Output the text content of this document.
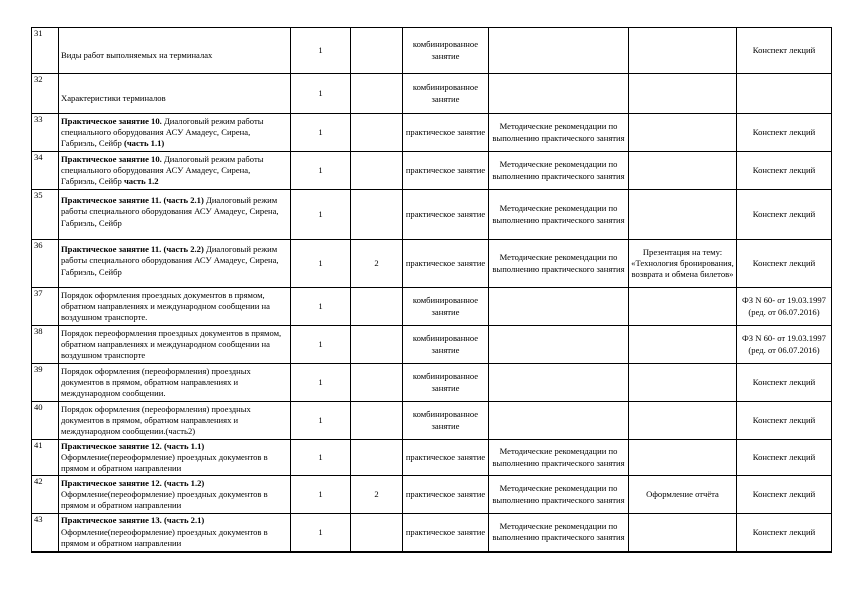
31	Виды работ выполняемых на терминалах	1		комбинированное занятие			Конспект лекций
32	Характеристики терминалов	1		комбинированное занятие			
33	Практическое занятие 10. Диалоговый режим работы специального оборудования АСУ Амадеус, Сирена, Габриэль, Сейбр (часть 1.1)	1		практическое занятие	Методические рекомендации по выполнению практического занятия		Конспект лекций
34	Практическое занятие 10. Диалоговый режим работы специального оборудования АСУ Амадеус, Сирена, Габриэль, Сейбр часть 1.2	1		практическое занятие	Методические рекомендации по выполнению практического занятия		Конспект лекций
35	Практическое занятие 11. (часть 2.1) Диалоговый режим работы специального оборудования АСУ Амадеус, Сирена, Габриэль, Сейбр	1		практическое занятие	Методические рекомендации по выполнению практического занятия		Конспект лекций
36	Практическое занятие 11. (часть 2.2) Диалоговый режим работы специального оборудования АСУ Амадеус, Сирена, Габриэль, Сейбр	1	2	практическое занятие	Методические рекомендации по выполнению практического занятия	Презентация на тему: «Технология бронирования, возврата и обмена билетов»	Конспект лекций
37	Порядок оформления проездных документов в прямом, обратном направлениях и международном сообщении на воздушном транспорте.	1		комбинированное занятие			ФЗ N 60- от 19.03.1997 (ред. от 06.07.2016)
38	Порядок переоформления проездных документов в прямом, обратном направлениях и международном сообщении на воздушном транспорте	1		комбинированное занятие			ФЗ N 60- от 19.03.1997 (ред. от 06.07.2016)
39	Порядок оформления (переоформления) проездных документов в прямом, обратном направлениях и международном сообщении.	1		комбинированное занятие			Конспект лекций
40	Порядок оформления (переоформления) проездных документов в прямом, обратном направлениях и международном сообщении.(часть2)	1		комбинированное занятие			Конспект лекций
41	Практическое занятие 12. (часть 1.1) Оформление(переоформление) проездных документов в прямом и обратном направлении	1		практическое занятие	Методические рекомендации по выполнению практического занятия		Конспект лекций
42	Практическое занятие 12. (часть 1.2) Оформление(переоформление) проездных документов в прямом и обратном направлении	1	2	практическое занятие	Методические рекомендации по выполнению практического занятия	Оформление отчёта	Конспект лекций
43	Практическое занятие 13. (часть 2.1) Оформление(переоформление) проездных документов в прямом и обратном направлении	1		практическое занятие	Методические рекомендации по выполнению практического занятия		Конспект лекций
